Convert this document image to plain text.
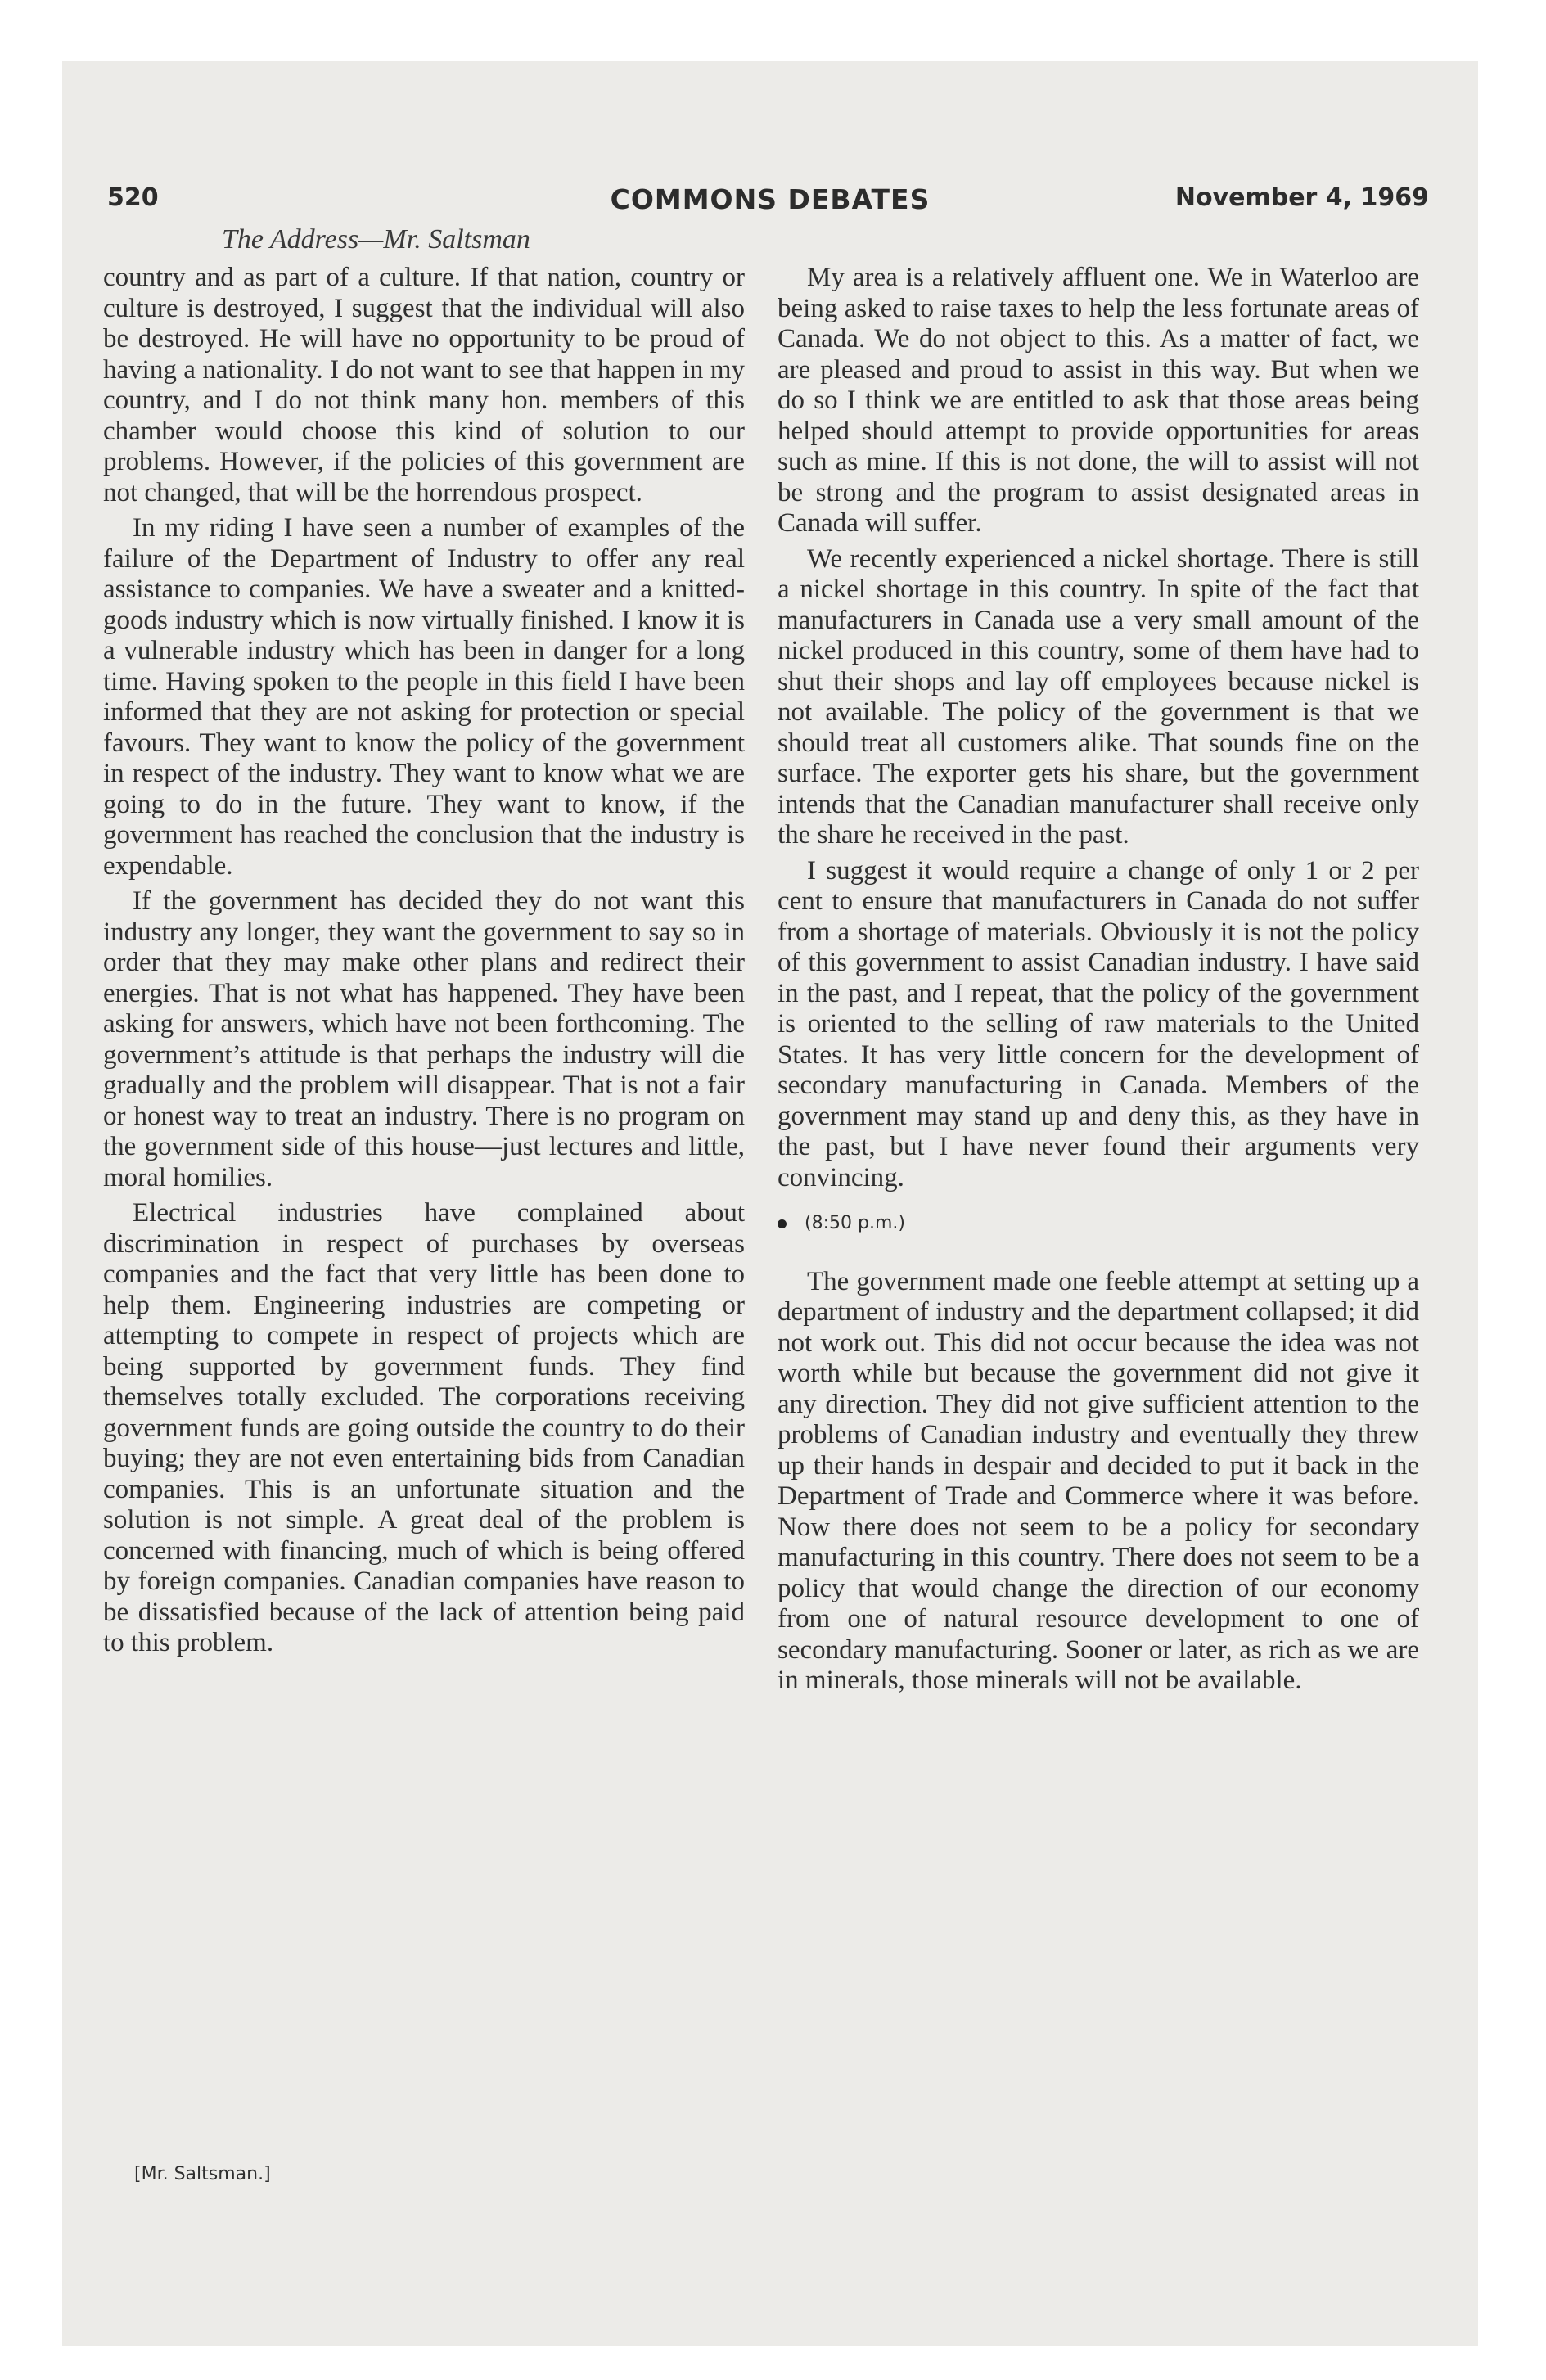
520	COMMONS DEBATES	November 4, 1969
The Address—Mr. Saltsman

country and as part of a culture. If that nation, country or culture is destroyed, I suggest that the individual will also be destroyed. He will have no opportunity to be proud of having a nationality. I do not want to see that happen in my country, and I do not think many hon. members of this chamber would choose this kind of solution to our problems. However, if the policies of this government are not changed, that will be the horrendous prospect.

In my riding I have seen a number of examples of the failure of the Department of Industry to offer any real assistance to companies. We have a sweater and a knitted-goods industry which is now virtually finished. I know it is a vulnerable industry which has been in danger for a long time. Having spoken to the people in this field I have been informed that they are not asking for protection or special favours. They want to know the policy of the government in respect of the industry. They want to know what we are going to do in the future. They want to know, if the government has reached the conclusion that the industry is expendable.

If the government has decided they do not want this industry any longer, they want the government to say so in order that they may make other plans and redirect their energies. That is not what has happened. They have been asking for answers, which have not been forthcoming. The government’s attitude is that perhaps the industry will die gradually and the problem will disappear. That is not a fair or honest way to treat an industry. There is no program on the government side of this house—just lectures and little, moral homilies.

Electrical industries have complained about discrimination in respect of purchases by overseas companies and the fact that very little has been done to help them. Engineering industries are competing or attempting to compete in respect of projects which are being supported by government funds. They find themselves totally excluded. The corporations receiving government funds are going outside the country to do their buying; they are not even entertaining bids from Canadian companies. This is an unfortunate situation and the solution is not simple. A great deal of the problem is concerned with financing, much of which is being offered by foreign companies. Canadian companies have reason to be dissatisfied because of the lack of attention being paid to this problem.

My area is a relatively affluent one. We in Waterloo are being asked to raise taxes to help the less fortunate areas of Canada. We do not object to this. As a matter of fact, we are pleased and proud to assist in this way. But when we do so I think we are entitled to ask that those areas being helped should attempt to provide opportunities for areas such as mine. If this is not done, the will to assist will not be strong and the program to assist designated areas in Canada will suffer.

We recently experienced a nickel shortage. There is still a nickel shortage in this country. In spite of the fact that manufacturers in Canada use a very small amount of the nickel produced in this country, some of them have had to shut their shops and lay off employees because nickel is not available. The policy of the government is that we should treat all customers alike. That sounds fine on the surface. The exporter gets his share, but the government intends that the Canadian manufacturer shall receive only the share he received in the past.

I suggest it would require a change of only 1 or 2 per cent to ensure that manufacturers in Canada do not suffer from a shortage of materials. Obviously it is not the policy of this government to assist Canadian industry. I have said in the past, and I repeat, that the policy of the government is oriented to the selling of raw materials to the United States. It has very little concern for the development of secondary manufacturing in Canada. Members of the government may stand up and deny this, as they have in the past, but I have never found their arguments very convincing.

(8:50 p.m.)

The government made one feeble attempt at setting up a department of industry and the department collapsed; it did not work out. This did not occur because the idea was not worth while but because the government did not give it any direction. They did not give sufficient attention to the problems of Canadian industry and eventually they threw up their hands in despair and decided to put it back in the Department of Trade and Commerce where it was before. Now there does not seem to be a policy for secondary manufacturing in this country. There does not seem to be a policy that would change the direction of our economy from one of natural resource development to one of secondary manufacturing. Sooner or later, as rich as we are in minerals, those minerals will not be available.

[Mr. Saltsman.]
